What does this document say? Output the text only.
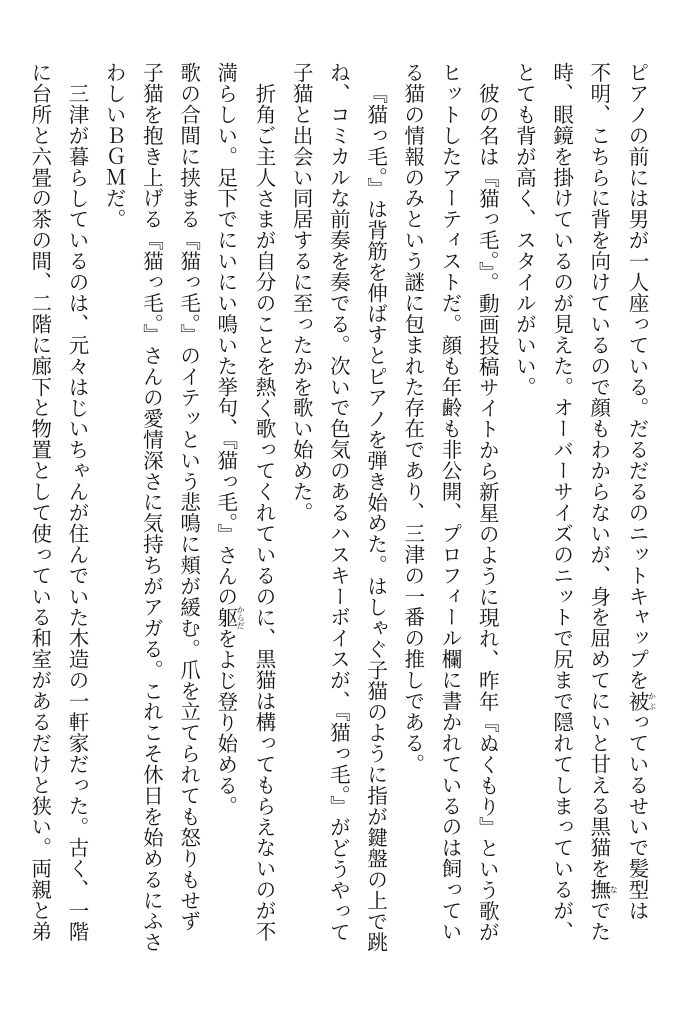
ピアノの前には男が一人座っている。だるだるのニットキャップを被かぶっているせいで髪型は
不明、こちらに背を向けているので顔もわからないが、身を屈めてにいと甘える黒猫を撫なでた
時、眼鏡を掛けているのが見えた。オーバーサイズのニットで尻まで隠れてしまっているが、
とても背が高く、スタイルがいい。

彼の名は『猫っ毛。』。動画投稿サイトから新星のように現れ、昨年『ぬくもり』という歌が
ヒットしたアーティストだ。顔も年齢も非公開、プロフィール欄に書かれているのは飼ってい
る猫の情報のみという謎に包まれた存在であり、三津の一番の推しである。

『猫っ毛。』は背筋を伸ばすとピアノを弾き始めた。はしゃぐ子猫のように指が鍵盤の上で跳
ね、コミカルな前奏を奏でる。次いで色気のあるハスキーボイスが、『猫っ毛。』がどうやって
子猫と出会い同居するに至ったかを歌い始めた。

折角ご主人さまが自分のことを熱く歌ってくれているのに、黒猫は構ってもらえないのが不
満らしい。足下でにいにい鳴いた挙句、『猫っ毛。』さんの躯からだをよじ登り始める。
歌の合間に挟まる『猫っ毛。』のイテッという悲鳴に頬が緩む。爪を立てられても怒りもせず
子猫を抱き上げる『猫っ毛。』さんの愛情深さに気持ちがアガる。これこそ休日を始めるにふさ
わしいＢＧＭだ。

三津が暮らしているのは、元々はじいちゃんが住んでいた木造の一軒家だった。古く、一階
に台所と六畳の茶の間、二階に廊下と物置として使っている和室があるだけと狭い。両親と弟
